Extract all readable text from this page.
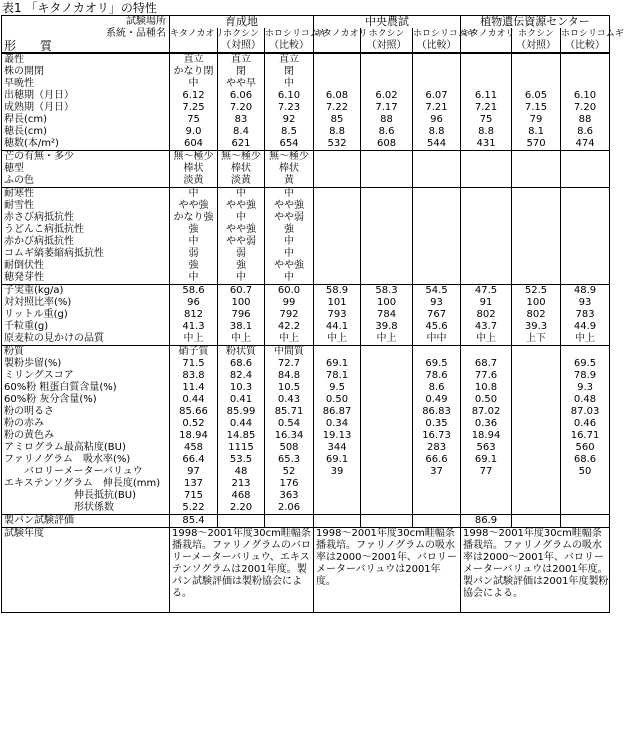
表1 「キタノカオリ」の特性
試験場所	育成地			中央農試			植物遺伝資源センター		
系統・品種名	キタノカオリ	ホクシン	ホロシリコムギ	キタノカオリ	ホクシン	ホロシリコムギ	キタノカオリ	ホクシン	ホロシリコムギ
形　　質		（対照）	（比較）		（対照）	（比較）		（対照）	（比較）
叢性	直立	直立	直立						
株の開閉	かなり閉	閉	閉						
早晩性	中	やや早	中						
出穂期（月日）	6.12	6.06	6.10	6.08	6.02	6.07	6.11	6.05	6.10
成熟期（月日）	7.25	7.20	7.23	7.22	7.17	7.21	7.21	7.15	7.20
稈長(cm)	75	83	92	85	88	96	75	79	88
穂長(cm)	9.0	8.4	8.5	8.8	8.6	8.8	8.8	8.1	8.6
穂数(本/m²)	604	621	654	532	608	544	431	570	474
芒の有無・多少	無～極少	無～極少	無～極少						
穂型	棒状	棒状	棒状						
ふの色	淡黄	淡黄	黄						
耐寒性	中	中	中						
耐雪性	やや強	やや強	やや強						
赤さび病抵抗性	かなり強	中	やや弱						
うどんこ病抵抗性	強	やや強	強						
赤かび病抵抗性	中	やや弱	中						
コムギ縞萎縮病抵抗性	弱	弱	中						
耐倒伏性	強	強	やや強						
穂発芽性	中	中	中						
子実重(kg/a)	58.6	60.7	60.0	58.9	58.3	54.5	47.5	52.5	48.9
対対照比率(%)	96	100	99	101	100	93	91	100	93
リットル重(g)	812	796	792	793	784	767	802	802	783
千粒重(g)	41.3	38.1	42.2	44.1	39.8	45.6	43.7	39.3	44.9
原麦粒の見かけの品質	中上	中上	中上	中上	中上	中中	中上	上下	中上
粉質	硝子質	粉状質	中間質						
製粉歩留(%)	71.5	68.6	72.7	69.1		69.5	68.7		69.5
ミリングスコア	83.8	82.4	84.8	78.1		78.6	77.6		78.9
60%粉 粗蛋白質含量(%)	11.4	10.3	10.5	9.5		8.6	10.8		9.3
60%粉 灰分含量(%)	0.44	0.41	0.43	0.50		0.49	0.50		0.48
粉の明るさ	85.66	85.99	85.71	86.87		86.83	87.02		87.03
粉の赤み	0.52	0.44	0.54	0.34		0.35	0.36		0.46
粉の黄色み	18.94	14.85	16.34	19.13		16.73	18.94		16.71
アミログラム最高粘度(BU)	458	1115	508	344		283	563		560
ファリノグラム　吸水率(%)	66.4	53.5	65.3	69.1		66.6	69.1		68.6
　　バロリーメーターバリュウ	97	48	52	39		37	77		50
エキステンソグラム　伸長度(mm)	137	213	176						
　　　　　　　伸長抵抗(BU)	715	468	363						
　　　　　　　形状係数	5.22	2.20	2.06						
製パン試験評価	85.4						86.9		
試験年度	1998～2001年度30cm畦幅条播栽培。ファリノグラムのバロリーメーターバリュウ、エキステンソグラムは2001年度。製パン試験評価は製粉協会による。			1998～2001年度30cm畦幅条播栽培。ファリノグラムの吸水率は2000～2001年、バロリーメーターバリュウは2001年度。			1998～2001年度30cm畦幅条播栽培。ファリノグラムの吸水率は2000～2001年、バロリーメーターバリュウは2001年度。製パン試験評価は2001年度製粉協会による。		
